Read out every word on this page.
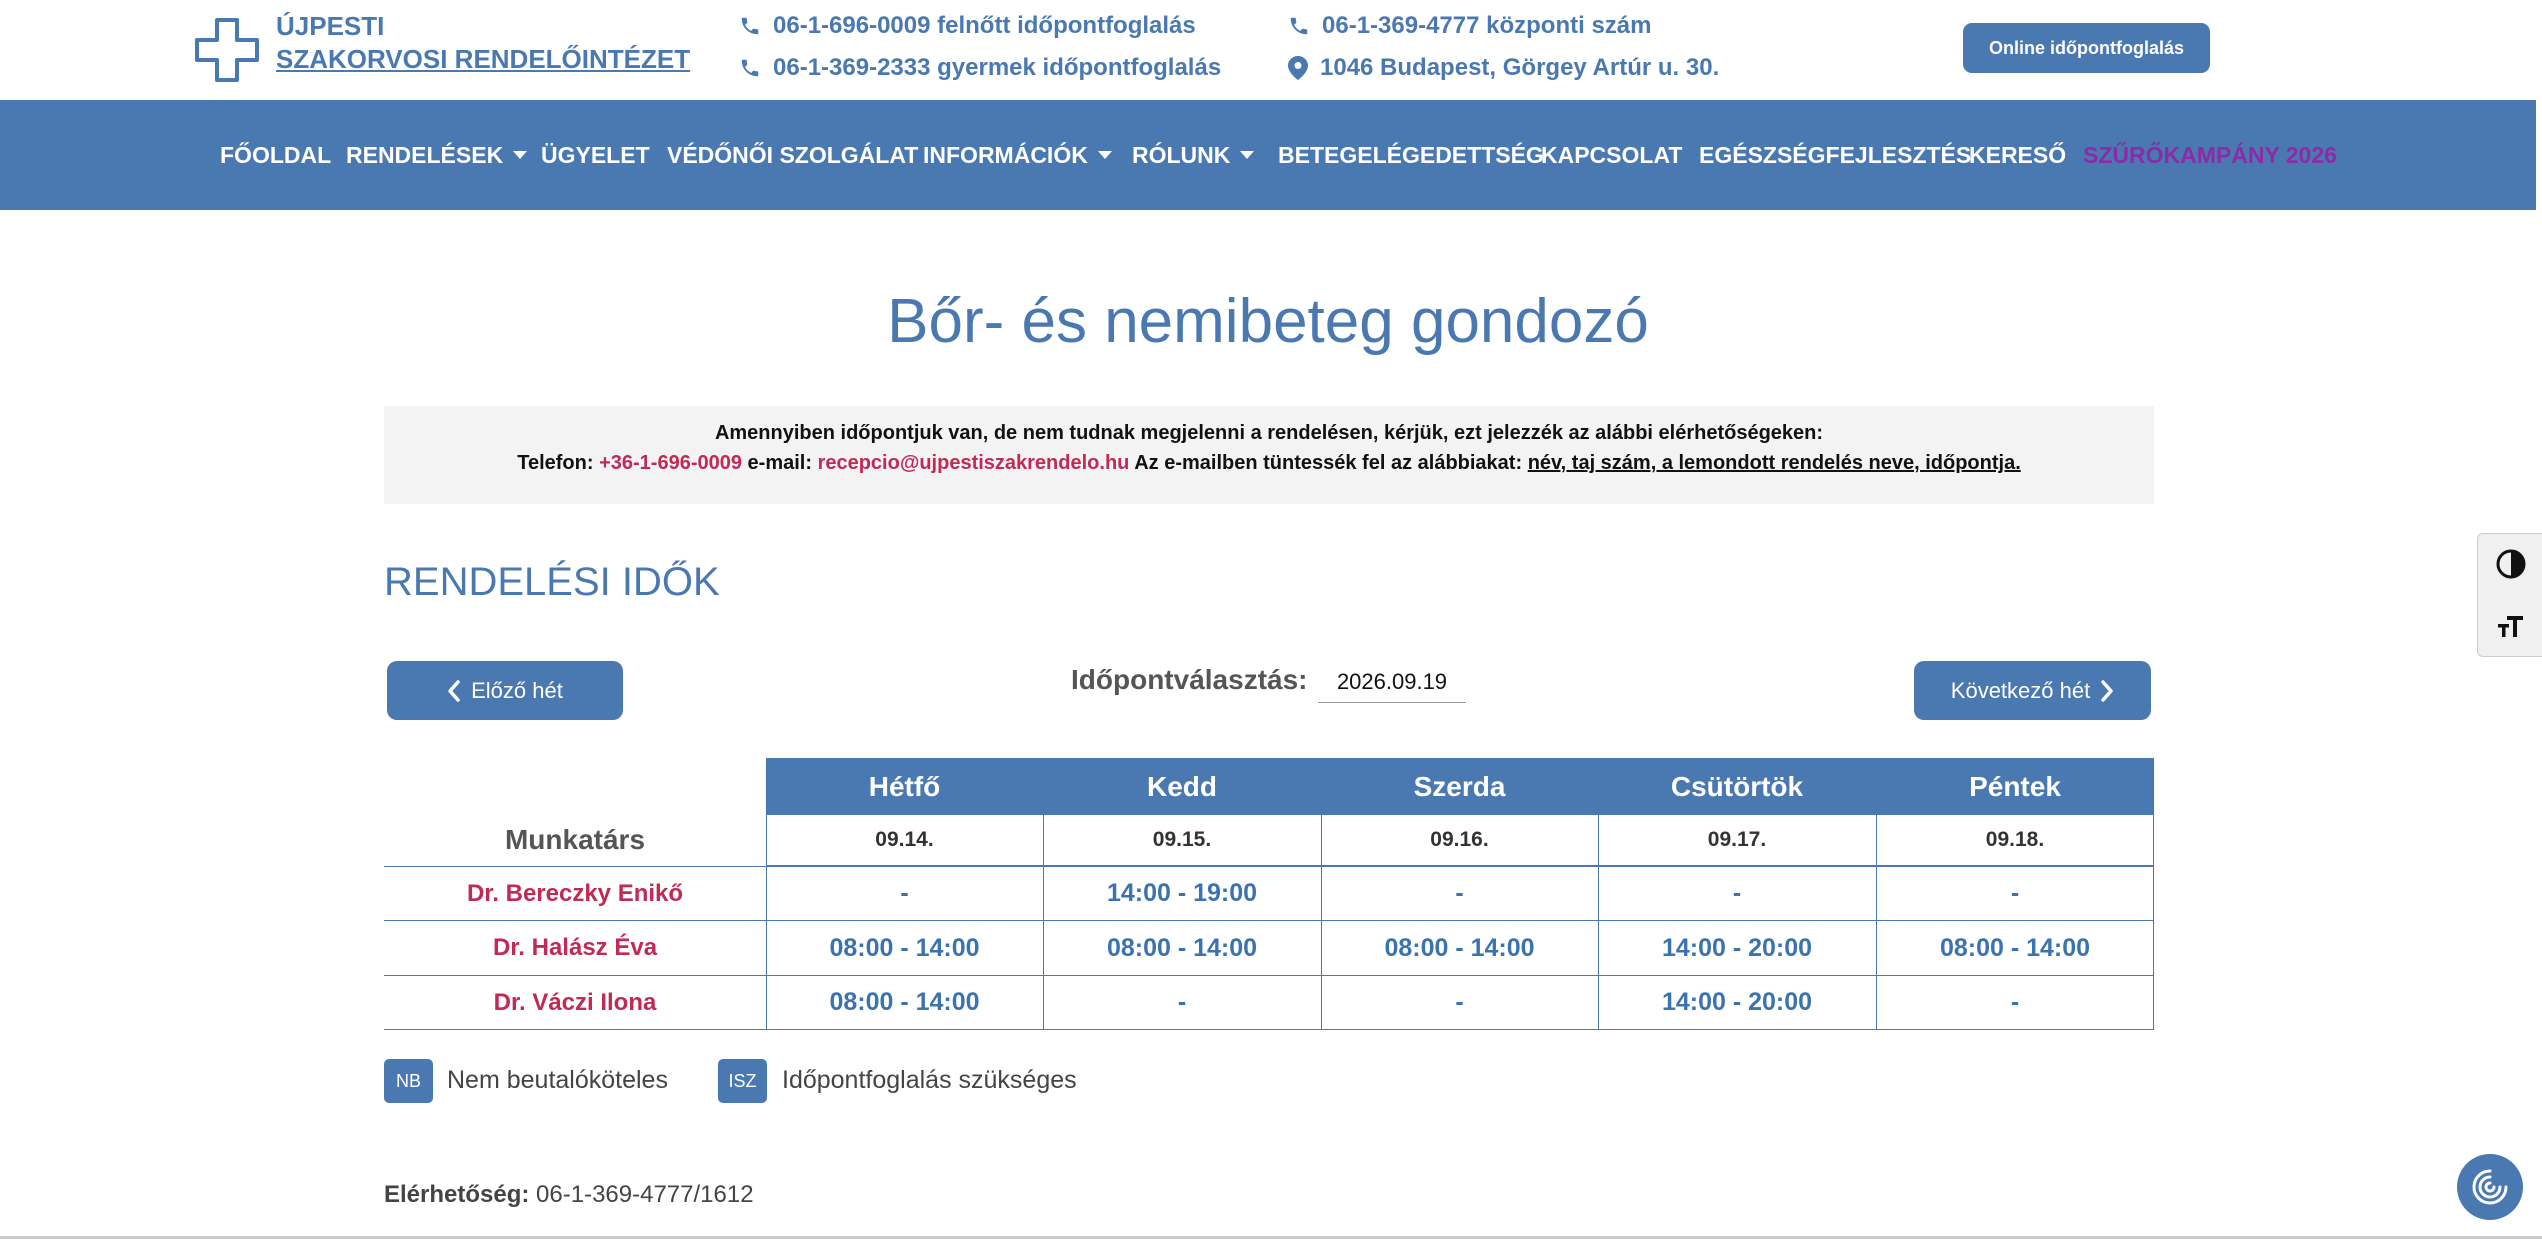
ÚJPESTI
SZAKORVOSI RENDELŐINTÉZET
06-1-696-0009 felnőtt időpontfoglalás
06-1-369-2333 gyermek időpontfoglalás
06-1-369-4777 központi szám
1046 Budapest, Görgey Artúr u. 30.
Online időpontfoglalás
FŐOLDAL RENDELÉSEK ÜGYELET VÉDŐNŐI SZOLGÁLAT INFORMÁCIÓK RÓLUNK BETEGELÉGEDETTSÉG
KAPCSOLAT EGÉSZSÉGFEJLESZTÉS
KERESŐ SZŰRŐKAMPÁNY 2026
Bőr- és nemibeteg gondozó
Amennyiben időpontjuk van, de nem tudnak megjelenni a rendelésen, kérjük, ezt jelezzék az alábbi elérhetőségeken:
Telefon: +36-1-696-0009 e-mail: recepcio@ujpestiszakrendelo.hu Az e-mailben tüntessék fel az alábbiakat: név, taj szám, a lemondott rendelés neve, időpontja.
RENDELÉSI IDŐK
Előző hét	Időpontválasztás:	2026.09.19	Következő hét
Munkatárs
Hétfő	Kedd	Szerda	Csütörtök	Péntek
09.14.	09.15.	09.16.	09.17.	09.18.
Dr. Bereczky Enikő	-	14:00 - 19:00	-	-	-
Dr. Halász Éva	08:00 - 14:00	08:00 - 14:00	08:00 - 14:00	14:00 - 20:00	08:00 - 14:00
Dr. Váczi Ilona	08:00 - 14:00	-	-	14:00 - 20:00	-
NB	Nem beutalóköteles	ISZ	Időpontfoglalás szükséges
Elérhetőség: 06-1-369-4777/1612
